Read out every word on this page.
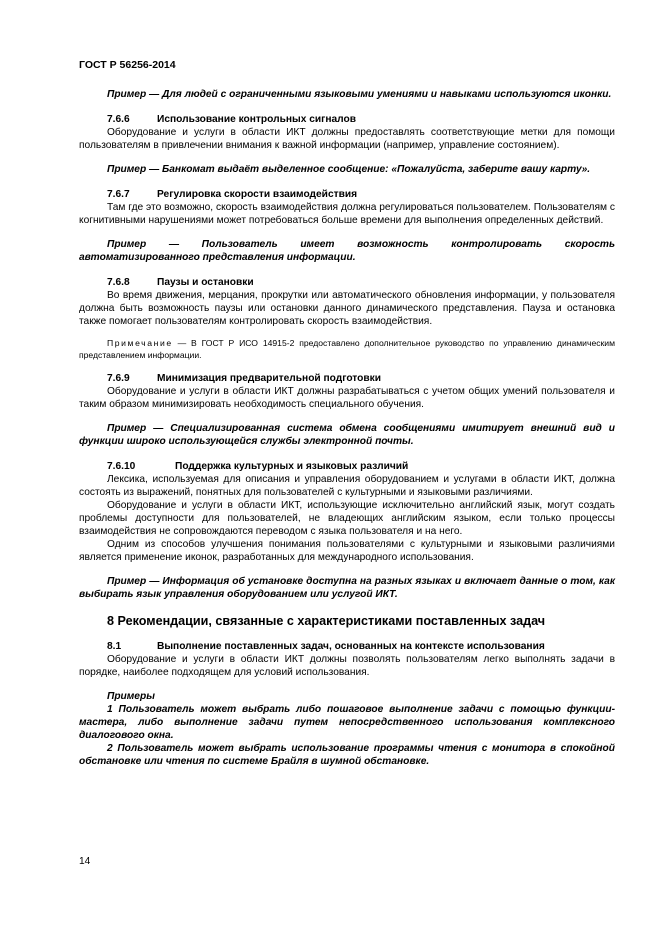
ГОСТ Р 56256-2014

Пример — Для людей с ограниченными языковыми умениями и навыками используются иконки.

7.6.6	Использование контрольных сигналов

Оборудование и услуги в области ИКТ должны предоставлять соответствующие метки для помощи пользователям в привлечении внимания к важной информации (например, управление состоянием).

Пример — Банкомат выдаёт выделенное сообщение: «Пожалуйста, заберите вашу карту».

7.6.7	Регулировка скорости взаимодействия

Там где это возможно, скорость взаимодействия должна регулироваться пользователем. Пользователям с когнитивными нарушениями может потребоваться больше времени для выполнения определенных действий.

Пример — Пользователь имеет возможность контролировать скорость автоматизированного представления информации.

7.6.8	Паузы и остановки

Во время движения, мерцания, прокрутки или автоматического обновления информации, у пользователя должна быть возможность паузы или остановки данного динамического представления. Пауза и остановка также помогает пользователям контролировать скорость взаимодействия.

Примечание — В ГОСТ Р ИСО 14915-2 предоставлено дополнительное руководство по управлению динамическим представлением информации.

7.6.9	Минимизация предварительной подготовки

Оборудование и услуги в области ИКТ должны разрабатываться с учетом общих умений пользователя и таким образом минимизировать необходимость специального обучения.

Пример — Специализированная система обмена сообщениями имитирует внешний вид и функции широко использующейся службы электронной почты.

7.6.10	Поддержка культурных и языковых различий

Лексика, используемая для описания и управления оборудованием и услугами в области ИКТ, должна состоять из выражений, понятных для пользователей с культурными и языковыми различиями.

Оборудование и услуги в области ИКТ, использующие исключительно английский язык, могут создать проблемы доступности для пользователей, не владеющих английским языком, если только процессы взаимодействия не сопровождаются переводом с языка пользователя и на него.

Одним из способов улучшения понимания пользователями с культурными и языковыми различиями является применение иконок, разработанных для международного использования.

Пример — Информация об установке доступна на разных языках и включает данные о том, как выбирать язык управления оборудованием или услугой ИКТ.

8 Рекомендации, связанные с характеристиками поставленных задач

8.1	Выполнение поставленных задач, основанных на контексте использования

Оборудование и услуги в области ИКТ должны позволять пользователям легко выполнять задачи в порядке, наиболее подходящем для условий использования.

Примеры

1 Пользователь может выбрать либо пошаговое выполнение задачи с помощью функции-мастера, либо выполнение задачи путем непосредственного использования комплексного диалогового окна.

2 Пользователь может выбрать использование программы чтения с монитора в спокойной обстановке или чтения по системе Брайля в шумной обстановке.

14
